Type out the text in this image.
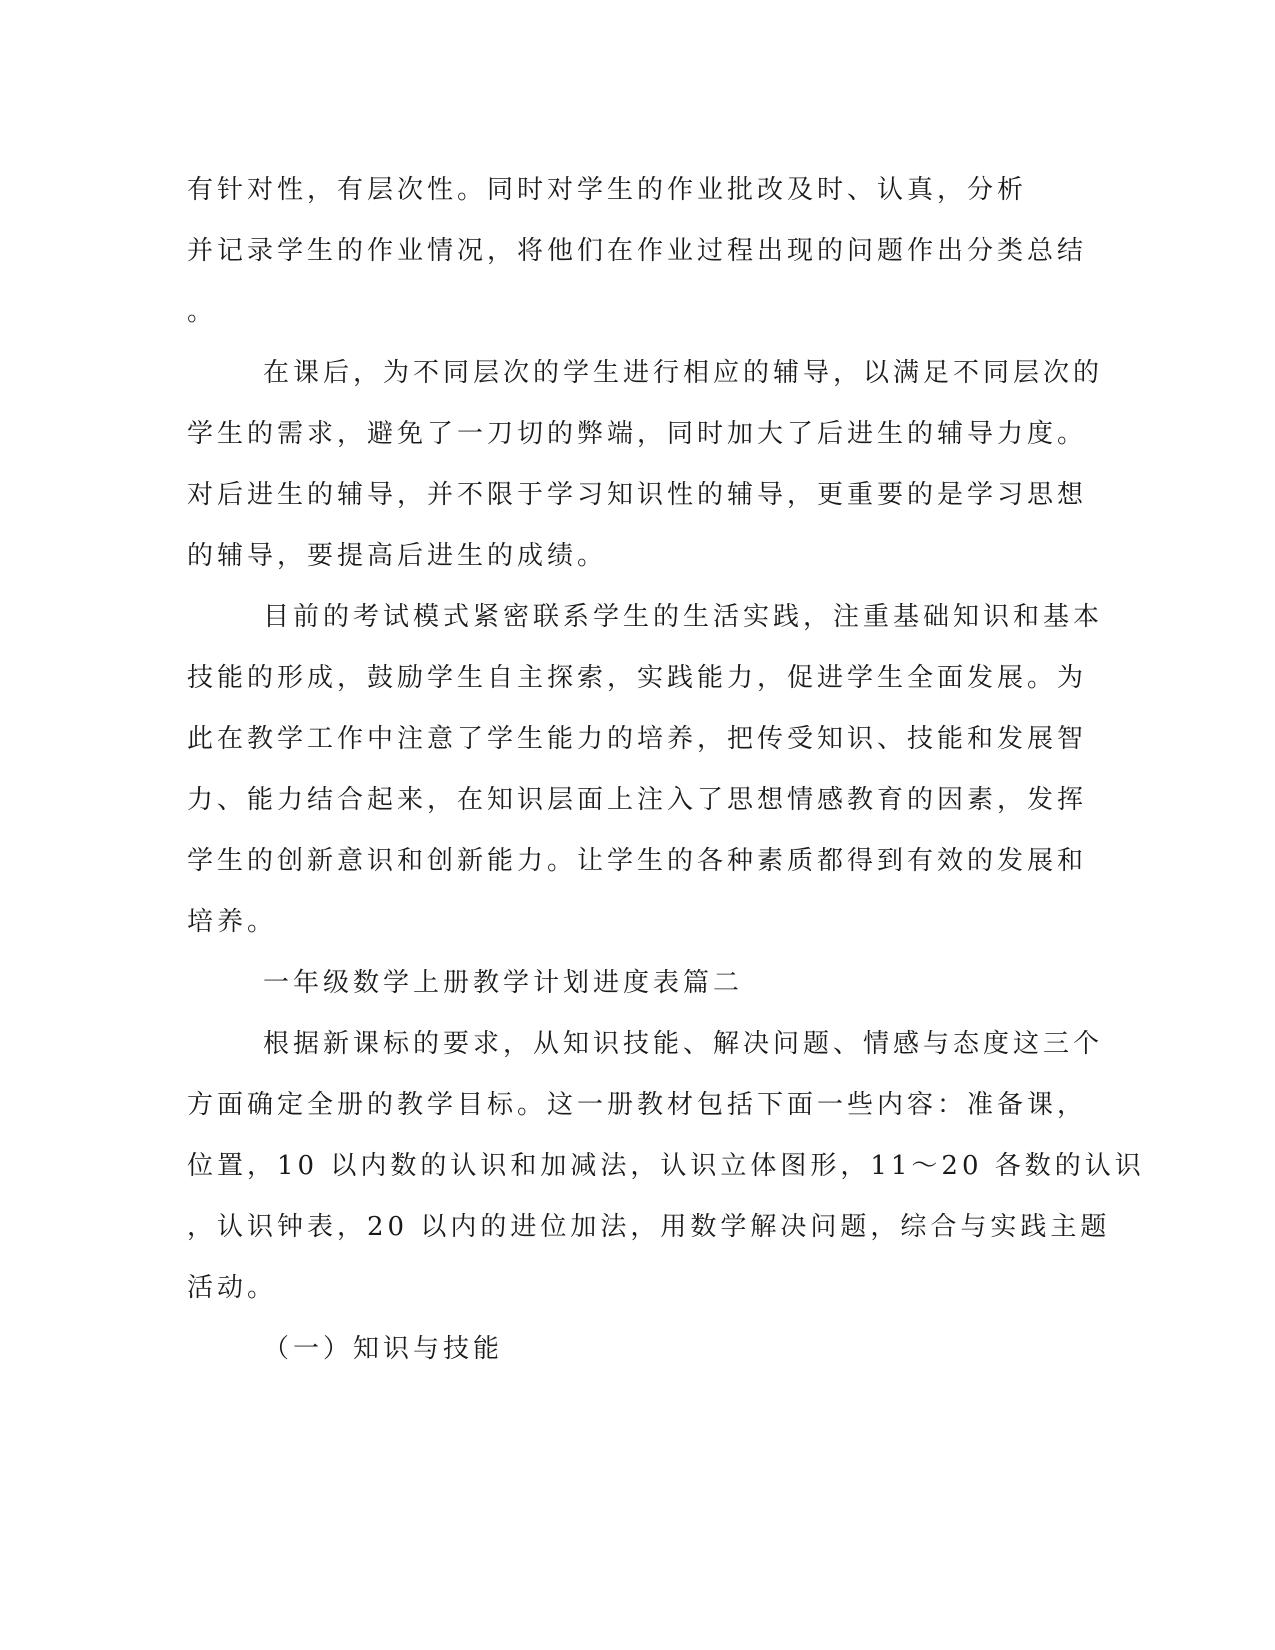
有针对性，有层次性。同时对学生的作业批改及时、认真，分析
并记录学生的作业情况，将他们在作业过程出现的问题作出分类总结
。

在课后，为不同层次的学生进行相应的辅导，以满足不同层次的
学生的需求，避免了一刀切的弊端，同时加大了后进生的辅导力度。
对后进生的辅导，并不限于学习知识性的辅导，更重要的是学习思想
的辅导，要提高后进生的成绩。

目前的考试模式紧密联系学生的生活实践，注重基础知识和基本
技能的形成，鼓励学生自主探索，实践能力，促进学生全面发展。为
此在教学工作中注意了学生能力的培养，把传受知识、技能和发展智
力、能力结合起来，在知识层面上注入了思想情感教育的因素，发挥
学生的创新意识和创新能力。让学生的各种素质都得到有效的发展和
培养。

一年级数学上册教学计划进度表篇二

根据新课标的要求，从知识技能、解决问题、情感与态度这三个
方面确定全册的教学目标。这一册教材包括下面一些内容：准备课，
位置，10 以内数的认识和加减法，认识立体图形，11～20 各数的认识
，认识钟表，20 以内的进位加法，用数学解决问题，综合与实践主题
活动。

（一）知识与技能
